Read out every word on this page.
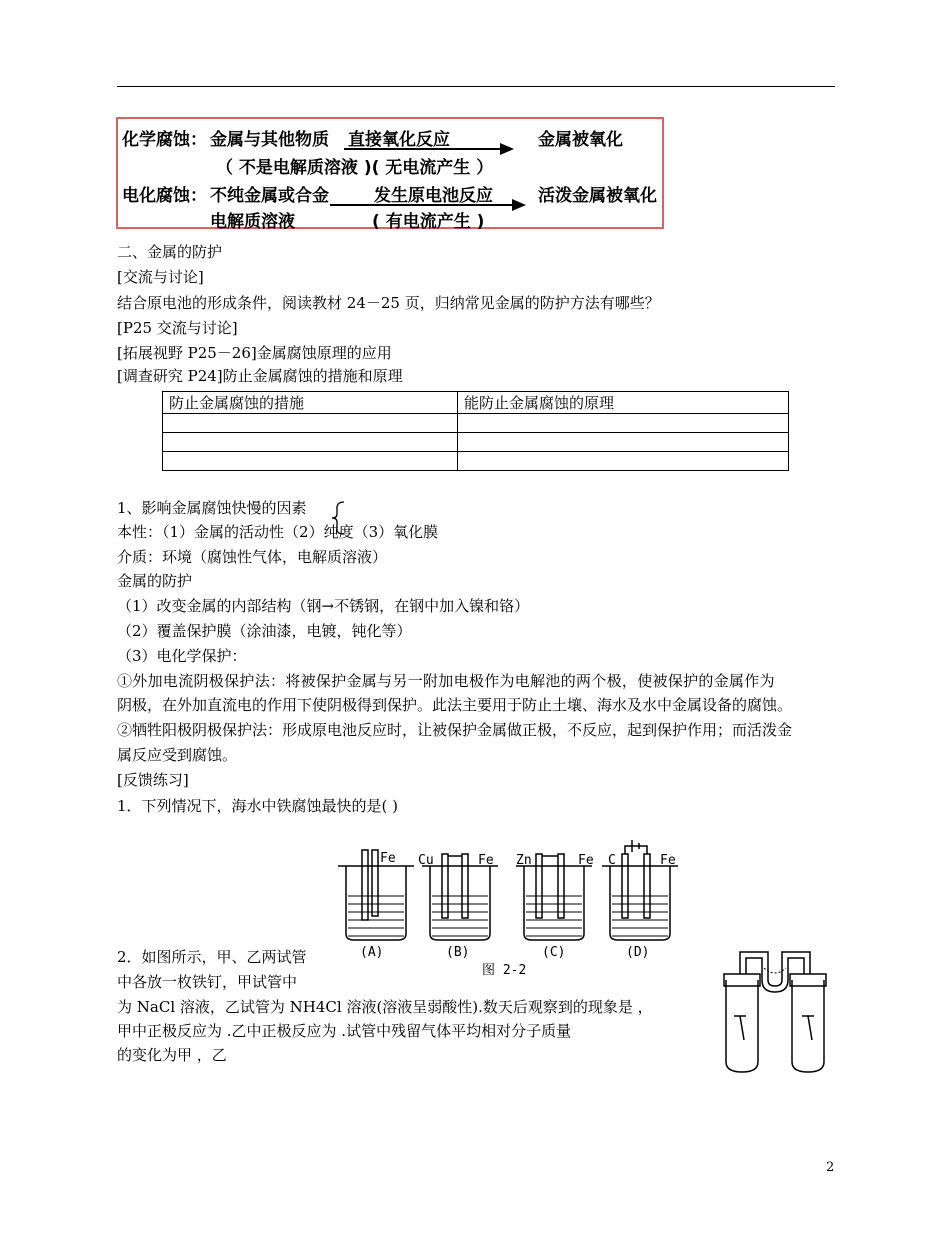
化学腐蚀： 金属与其他物质 直接氧化反应	金属被氧化
（ 不是电解质溶液 )( 无电流产生 ）
电化腐蚀： 不纯金属或合金	发生原电池反应	活泼金属被氧化
电解质溶液	( 有电流产生 )
二、金属的防护
[交流与讨论]
结合原电池的形成条件，阅读教材 24－25 页，归纳常见金属的防护方法有哪些？
[P25 交流与讨论]
[拓展视野 P25－26]金属腐蚀原理的应用
[调查研究 P24]防止金属腐蚀的措施和原理
防止金属腐蚀的措施	能防止金属腐蚀的原理

1、影响金属腐蚀快慢的因素
本性：（1）金属的活动性（2）纯度（3）氧化膜
介质：环境（腐蚀性气体，电解质溶液）
金属的防护
（1）改变金属的内部结构（钢→不锈钢，在钢中加入镍和铬）
（2）覆盖保护膜（涂油漆，电镀，钝化等）
（3）电化学保护：
①外加电流阴极保护法：将被保护金属与另一附加电极作为电解池的两个极，使被保护的金属作为
阴极，在外加直流电的作用下使阴极得到保护。此法主要用于防止土壤、海水及水中金属设备的腐蚀。
②牺牲阳极阴极保护法：形成原电池反应时，让被保护金属做正极，不反应，起到保护作用；而活泼金
属反应受到腐蚀。
[反馈练习]
1．下列情况下，海水中铁腐蚀最快的是( )
Fe Cu	Fe Zn	Fe C	Fe
(A)	(B)	(C)	(D)
图 2-2
2．如图所示，甲、乙两试管
中各放一枚铁钉，甲试管中
为 NaCl 溶液，乙试管为 NH4Cl 溶液(溶液呈弱酸性).数天后观察到的现象是 ，
甲中正极反应为 .乙中正极反应为 .试管中残留气体平均相对分子质量
的变化为甲 ，乙
2
